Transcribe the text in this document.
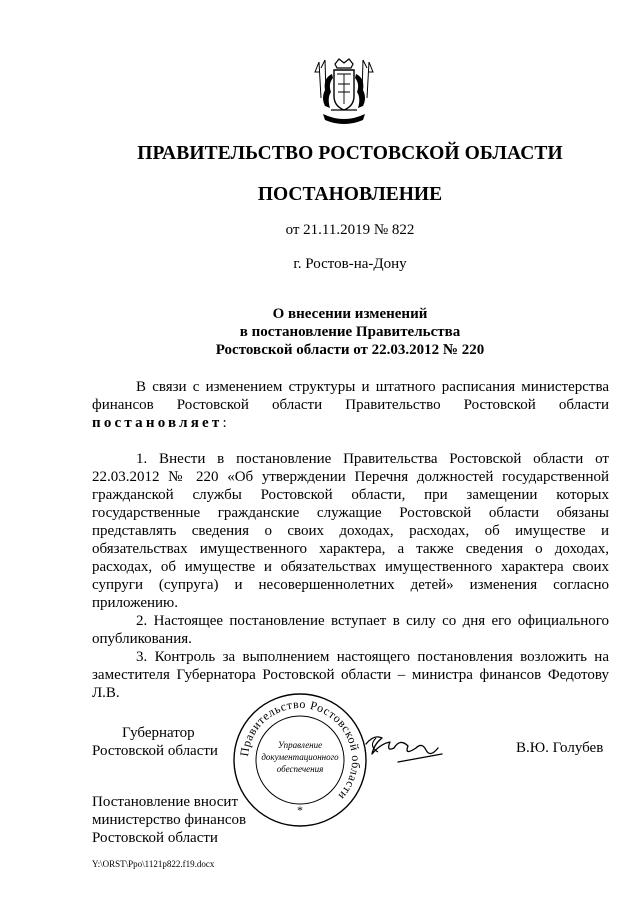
ПРАВИТЕЛЬСТВО РОСТОВСКОЙ ОБЛАСТИ
ПОСТАНОВЛЕНИЕ
от 21.11.2019 № 822
г. Ростов-на-Дону
О внесении изменений
в постановление Правительства
Ростовской области от 22.03.2012 № 220
В связи с изменением структуры и штатного расписания министерства финансов Ростовской области Правительство Ростовской области постановляет:
1. Внести в постановление Правительства Ростовской области от 22.03.2012 № 220 «Об утверждении Перечня должностей государственной гражданской службы Ростовской области, при замещении которых государственные гражданские служащие Ростовской области обязаны представлять сведения о своих доходах, расходах, об имуществе и обязательствах имущественного характера, а также сведения о доходах, расходах, об имуществе и обязательствах имущественного характера своих супруги (супруга) и несовершеннолетних детей» изменения согласно приложению.
2. Настоящее постановление вступает в силу со дня его официального опубликования.
3. Контроль за выполнением настоящего постановления возложить на заместителя Губернатора Ростовской области – министра финансов Федотову Л.В.
Губернатор
Ростовской области Правительство Ростовской области
Управление
документационного
обеспечения
*
В.Ю. Голубев
Постановление вносит
министерство финансов
Ростовской области
Y:\ORST\Ppo\1121p822.f19.docx
